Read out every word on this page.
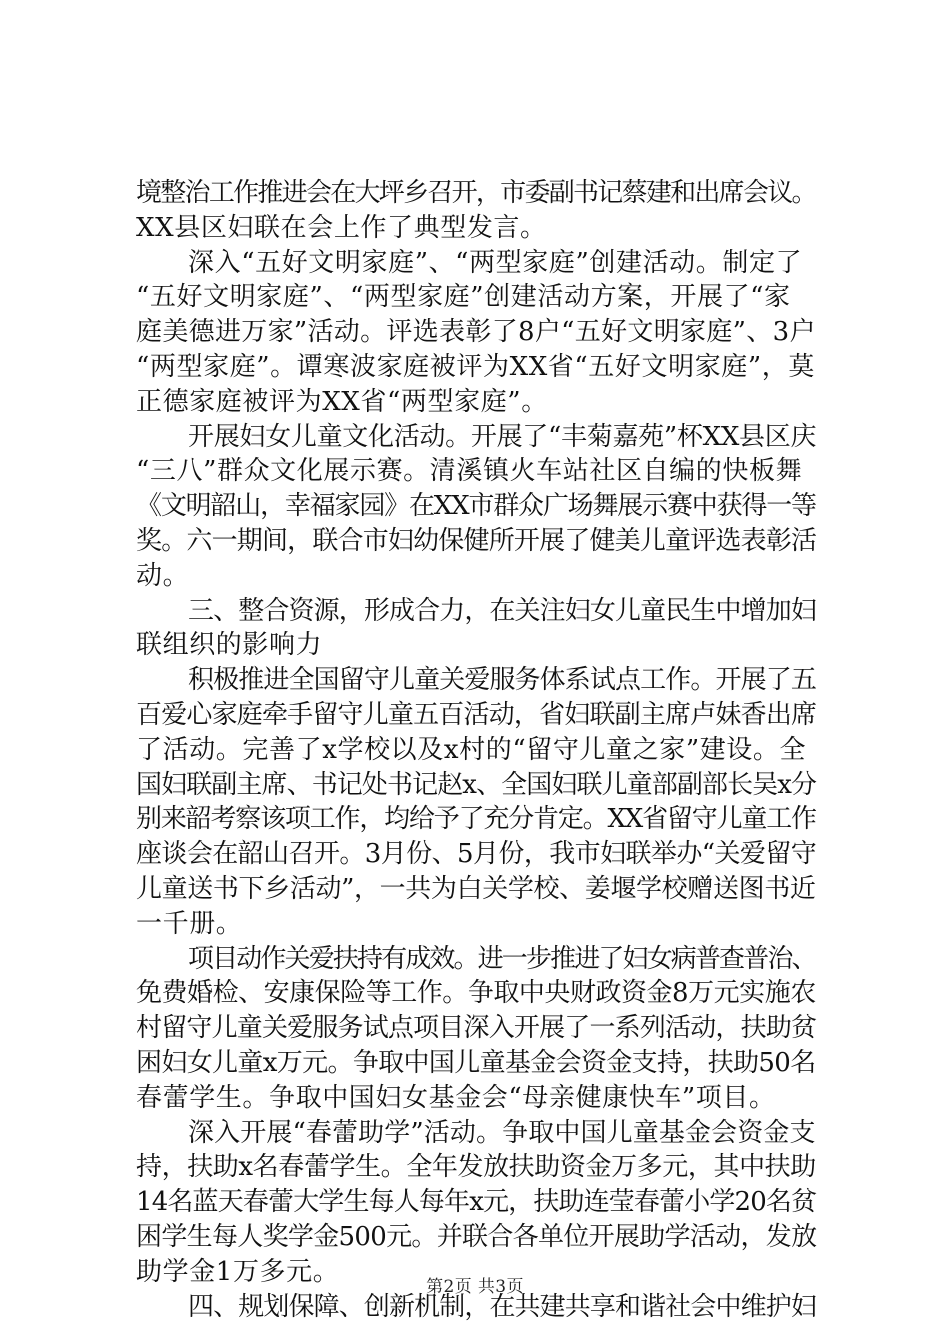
境整治工作推进会在大坪乡召开，市委副书记蔡建和出席会议。
XX县区妇联在会上作了典型发言。
深入“五好文明家庭”、“两型家庭”创建活动。制定了
“五好文明家庭”、“两型家庭”创建活动方案，开展了“家
庭美德进万家”活动。评选表彰了8户“五好文明家庭”、3户
“两型家庭”。谭寒波家庭被评为XX省“五好文明家庭”，莫
正德家庭被评为XX省“两型家庭”。
开展妇女儿童文化活动。开展了“丰菊嘉苑”杯XX县区庆
“三八”群众文化展示赛。清溪镇火车站社区自编的快板舞
《文明韶山，幸福家园》在XX市群众广场舞展示赛中获得一等
奖。六一期间，联合市妇幼保健所开展了健美儿童评选表彰活
动。
三、整合资源，形成合力，在关注妇女儿童民生中增加妇
联组织的影响力
积极推进全国留守儿童关爱服务体系试点工作。开展了五
百爱心家庭牵手留守儿童五百活动，省妇联副主席卢妹香出席
了活动。完善了x学校以及x村的“留守儿童之家”建设。全
国妇联副主席、书记处书记赵x、全国妇联儿童部副部长吴x分
别来韶考察该项工作，均给予了充分肯定。XX省留守儿童工作
座谈会在韶山召开。3月份、5月份，我市妇联举办“关爱留守
儿童送书下乡活动”，一共为白关学校、姜堰学校赠送图书近
一千册。
项目动作关爱扶持有成效。进一步推进了妇女病普查普治、
免费婚检、安康保险等工作。争取中央财政资金8万元实施农
村留守儿童关爱服务试点项目深入开展了一系列活动，扶助贫
困妇女儿童x万元。争取中国儿童基金会资金支持，扶助50名
春蕾学生。争取中国妇女基金会“母亲健康快车”项目。
深入开展“春蕾助学”活动。争取中国儿童基金会资金支
持，扶助x名春蕾学生。全年发放扶助资金万多元，其中扶助
14名蓝天春蕾大学生每人每年x元，扶助连莹春蕾小学20名贫
困学生每人奖学金500元。并联合各单位开展助学活动，发放
助学金1万多元。
四、规划保障、创新机制，在共建共享和谐社会中维护妇
第2页 共3页
